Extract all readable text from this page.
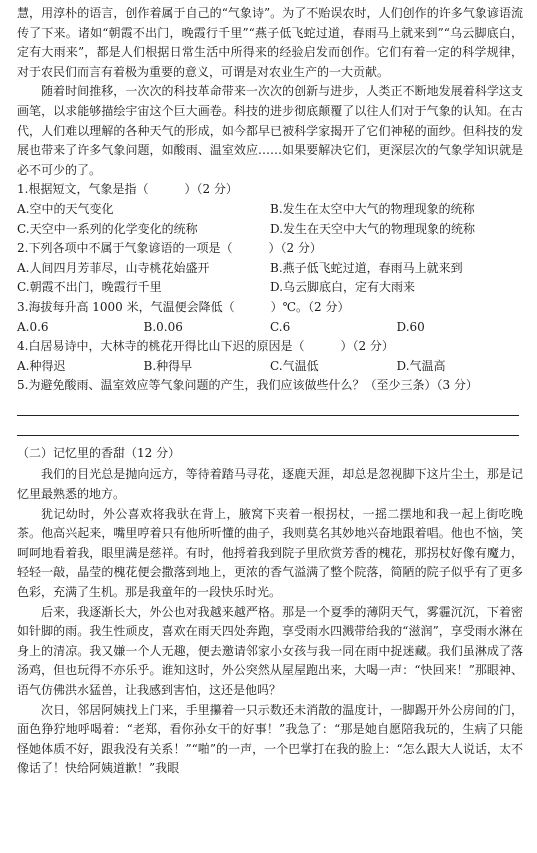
慧，用淳朴的语言，创作着属于自己的“气象诗”。为了不贻误农时，人们创作的许多气象谚语流传了下来。诸如“朝霞不出门，晚霞行千里”“燕子低飞蛇过道，春雨马上就来到”“乌云脚底白，定有大雨来”，都是人们根据日常生活中所得来的经验启发而创作。它们有着一定的科学规律，对于农民们而言有着极为重要的意义，可谓是对农业生产的一大贡献。

随着时间推移，一次次的科技革命带来一次次的创新与进步，人类正不断地发展着科学这支画笔，以求能够描绘宇宙这个巨大画卷。科技的进步彻底颠覆了以往人们对于气象的认知。在古代，人们难以理解的各种天气的形成，如今都早已被科学家揭开了它们神秘的面纱。但科技的发展也带来了许多气象问题，如酸雨、温室效应……如果要解决它们，更深层次的气象学知识就是必不可少的了。

1.根据短文，气象是指（　　　）（2 分）

A.空中的天气变化	B.发生在太空中大气的物理现象的统称
C.天空中一系列的化学变化的统称	D.发生在天空中大气的物理现象的统称

2.下列各项中不属于气象谚语的一项是（　　　）（2 分）

A.人间四月芳菲尽，山寺桃花始盛开	B.燕子低飞蛇过道，春雨马上就来到
C.朝霞不出门，晚霞行千里	D.乌云脚底白，定有大雨来

3.海拔每升高 1000 米，气温便会降低（　　　）℃。（2 分）

A.0.6	B.0.06	C.6	D.60

4.白居易诗中，大林寺的桃花开得比山下迟的原因是（　　　）（2 分）

A.种得迟	B.种得早	C.气温低	D.气温高

5.为避免酸雨、温室效应等气象问题的产生，我们应该做些什么？（至少三条）（3 分）

（二）记忆里的香甜（12 分）

我们的目光总是抛向远方，等待着踏马寻花，逐鹿天涯，却总是忽视脚下这片尘土，那是记忆里最熟悉的地方。

犹记幼时，外公喜欢将我驮在背上，腋窝下夹着一根拐杖，一摇二摆地和我一起上街吃晚茶。他高兴起来，嘴里哼着只有他所听懂的曲子，我则莫名其妙地兴奋地跟着唱。他也不恼，笑呵呵地看着我，眼里满是慈祥。有时，他捋着我到院子里欣赏芳香的槐花，那拐杖好像有魔力，轻轻一敲，晶莹的槐花便会撒落到地上，更浓的香气溢满了整个院落，简陋的院子似乎有了更多色彩，充满了生机。那是我童年的一段快乐时光。

后来，我逐渐长大，外公也对我越来越严格。那是一个夏季的薄阴天气，雾霾沉沉，下着密如针脚的雨。我生性顽皮，喜欢在雨天四处奔跑，享受雨水四溅带给我的“滋润”，享受雨水淋在身上的清凉。我又嫌一个人无趣，便去邀请邻家小女孩与我一同在雨中捉迷藏。我们虽淋成了落汤鸡，但也玩得不亦乐乎。谁知这时，外公突然从屋屋跑出来，大喝一声：“快回来！”那眼神、语气仿佛洪水猛兽，让我感到害怕，这还是他吗？

次日，邻居阿姨找上门来，手里攥着一只示数还未消散的温度计，一脚踢开外公房间的门，面色狰狞地呼喝着：“老郑，看你孙女干的好事！”我急了：“那是她自愿陪我玩的，生病了只能怪她体质不好，跟我没有关系！”“啪”的一声，一个巴掌打在我的脸上：“怎么跟大人说话，太不像话了！快给阿姨道歉！”我眼
